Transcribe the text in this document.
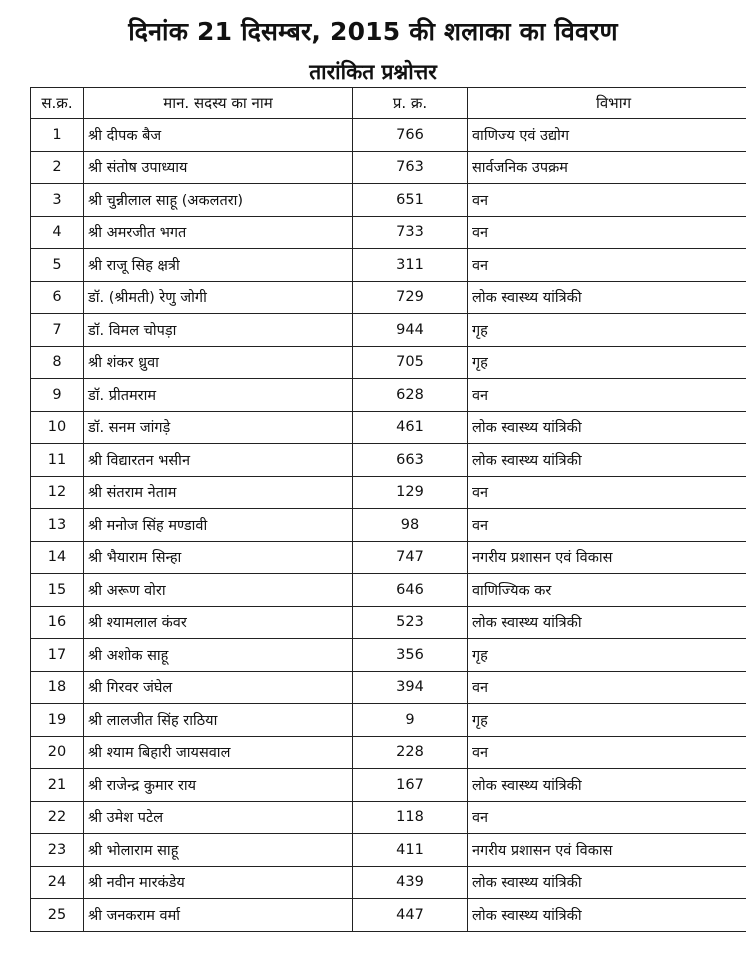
दिनांक 21 दिसम्बर, 2015 की शलाका का विवरण
तारांकित प्रश्नोत्तर
स.क्र.	मान. सदस्य का नाम	प्र. क्र.	विभाग
1	श्री दीपक बैज	766	वाणिज्य एवं उद्योग
2	श्री संतोष उपाध्याय	763	सार्वजनिक उपक्रम
3	श्री चुन्नीलाल साहू (अकलतरा)	651	वन
4	श्री अमरजीत भगत	733	वन
5	श्री राजू सिह क्षत्री	311	वन
6	डॉ. (श्रीमती) रेणु जोगी	729	लोक स्वास्थ्य यांत्रिकी
7	डॉ. विमल चोपड़ा	944	गृह
8	श्री शंकर ध्रुवा	705	गृह
9	डॉ. प्रीतमराम	628	वन
10	डॉ. सनम जांगड़े	461	लोक स्वास्थ्य यांत्रिकी
11	श्री विद्यारतन भसीन	663	लोक स्वास्थ्य यांत्रिकी
12	श्री संतराम नेताम	129	वन
13	श्री मनोज सिंह मण्डावी	98	वन
14	श्री भैयाराम सिन्हा	747	नगरीय प्रशासन एवं विकास
15	श्री अरूण वोरा	646	वाणिज्यिक कर
16	श्री श्यामलाल कंवर	523	लोक स्वास्थ्य यांत्रिकी
17	श्री अशोक साहू	356	गृह
18	श्री गिरवर जंघेल	394	वन
19	श्री लालजीत सिंह राठिया	9	गृह
20	श्री श्याम बिहारी जायसवाल	228	वन
21	श्री राजेन्द्र कुमार राय	167	लोक स्वास्थ्य यांत्रिकी
22	श्री उमेश पटेल	118	वन
23	श्री भोलाराम साहू	411	नगरीय प्रशासन एवं विकास
24	श्री नवीन मारकंडेय	439	लोक स्वास्थ्य यांत्रिकी
25	श्री जनकराम वर्मा	447	लोक स्वास्थ्य यांत्रिकी
